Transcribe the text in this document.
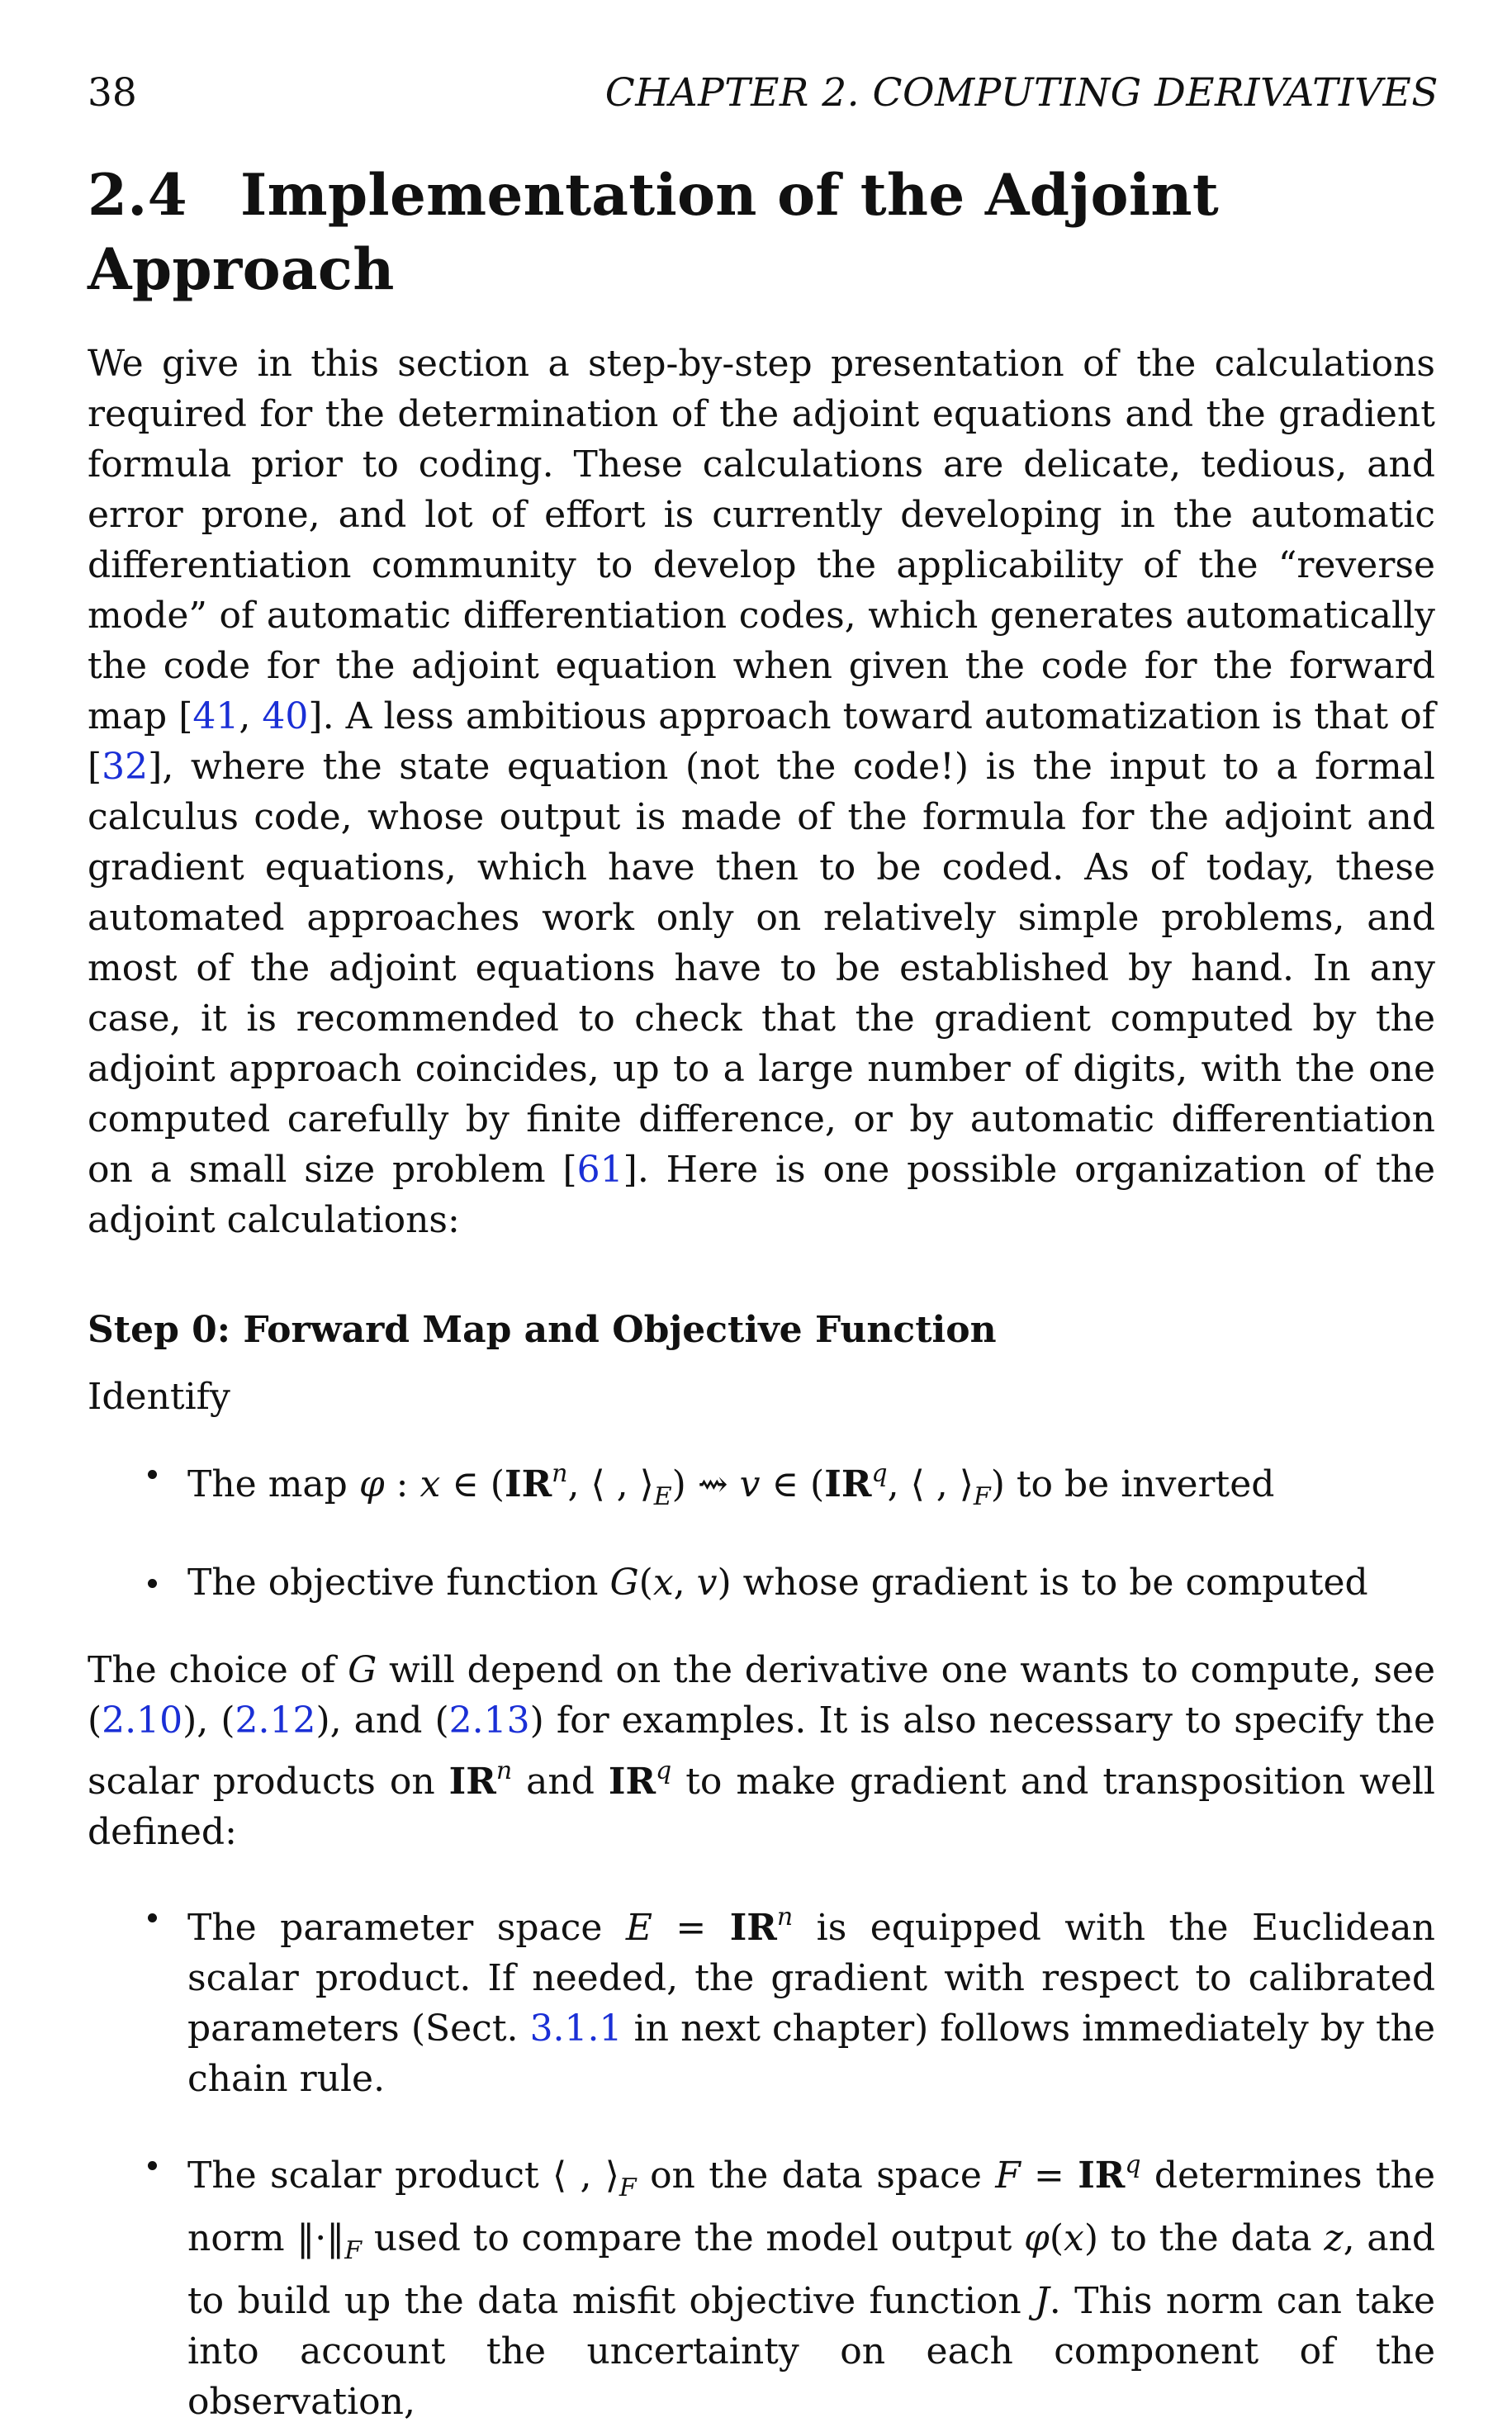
38	CHAPTER 2. COMPUTING DERIVATIVES
2.4 Implementation of the Adjoint Approach

We give in this section a step-by-step presentation of the calculations required for the determination of the adjoint equations and the gradient formula prior to coding. These calculations are delicate, tedious, and error prone, and lot of effort is currently developing in the automatic differentiation community to develop the applicability of the “reverse mode” of automatic differentiation codes, which generates automatically the code for the adjoint equation when given the code for the forward map [41, 40]. A less ambitious approach toward automatization is that of [32], where the state equation (not the code!) is the input to a formal calculus code, whose output is made of the formula for the adjoint and gradient equations, which have then to be coded. As of today, these automated approaches work only on relatively simple problems, and most of the adjoint equations have to be established by hand. In any case, it is recommended to check that the gradient computed by the adjoint approach coincides, up to a large number of digits, with the one computed carefully by finite difference, or by automatic differentiation on a small size problem [61]. Here is one possible organization of the adjoint calculations:

Step 0: Forward Map and Objective Function

Identify

The map φ : x ∈ ($IR^n$, ⟨ , $⟩_E$) ⇝ v ∈ ($IR^q$, ⟨ , $⟩_F$) to be inverted
The objective function G(x, v) whose gradient is to be computed

The choice of G will depend on the derivative one wants to compute, see (2.10), (2.12), and (2.13) for examples. It is also necessary to specify the scalar products on $IR^n$ and $IR^q$ to make gradient and transposition well defined:

The parameter space $E = IR^n$ is equipped with the Euclidean scalar product. If needed, the gradient with respect to calibrated parameters (Sect. 3.1.1 in next chapter) follows immediately by the chain rule.
The scalar product ⟨ , $⟩_F$ on the data space $F = IR^q$ determines the norm $‖\cdot‖_F$ used to compare the model output φ(x) to the data z, and to build up the data misfit objective function J. This norm can take into account the uncertainty on each component of the observation,
